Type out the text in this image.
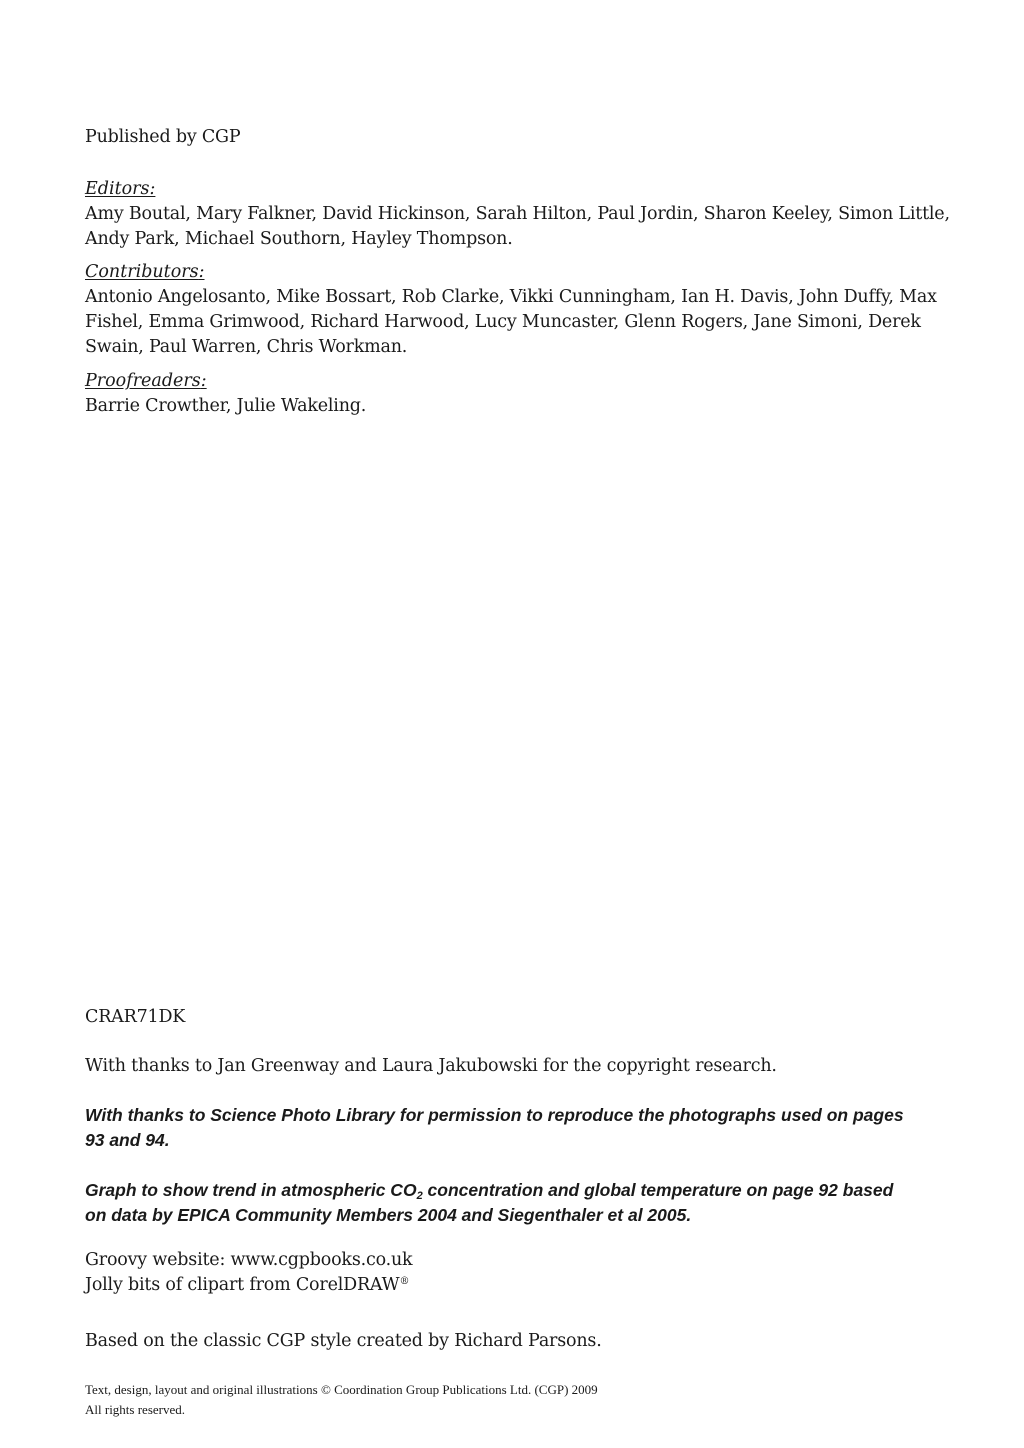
Published by CGP
Editors:
Amy Boutal, Mary Falkner, David Hickinson, Sarah Hilton, Paul Jordin, Sharon Keeley, Simon Little, Andy Park, Michael Southorn, Hayley Thompson.
Contributors:
Antonio Angelosanto, Mike Bossart, Rob Clarke, Vikki Cunningham, Ian H. Davis, John Duffy, Max Fishel, Emma Grimwood, Richard Harwood, Lucy Muncaster, Glenn Rogers, Jane Simoni, Derek Swain, Paul Warren, Chris Workman.
Proofreaders:
Barrie Crowther, Julie Wakeling.
CRAR71DK
With thanks to Jan Greenway and Laura Jakubowski for the copyright research.
With thanks to Science Photo Library for permission to reproduce the photographs used on pages 93 and 94.
Graph to show trend in atmospheric $CO_2$ concentration and global temperature on page 92 based on data by EPICA Community Members 2004 and Siegenthaler et al 2005.
Groovy website: www.cgpbooks.co.uk
Jolly bits of clipart from CorelDRAW®
Based on the classic CGP style created by Richard Parsons.
Text, design, layout and original illustrations © Coordination Group Publications Ltd. (CGP) 2009
All rights reserved.
